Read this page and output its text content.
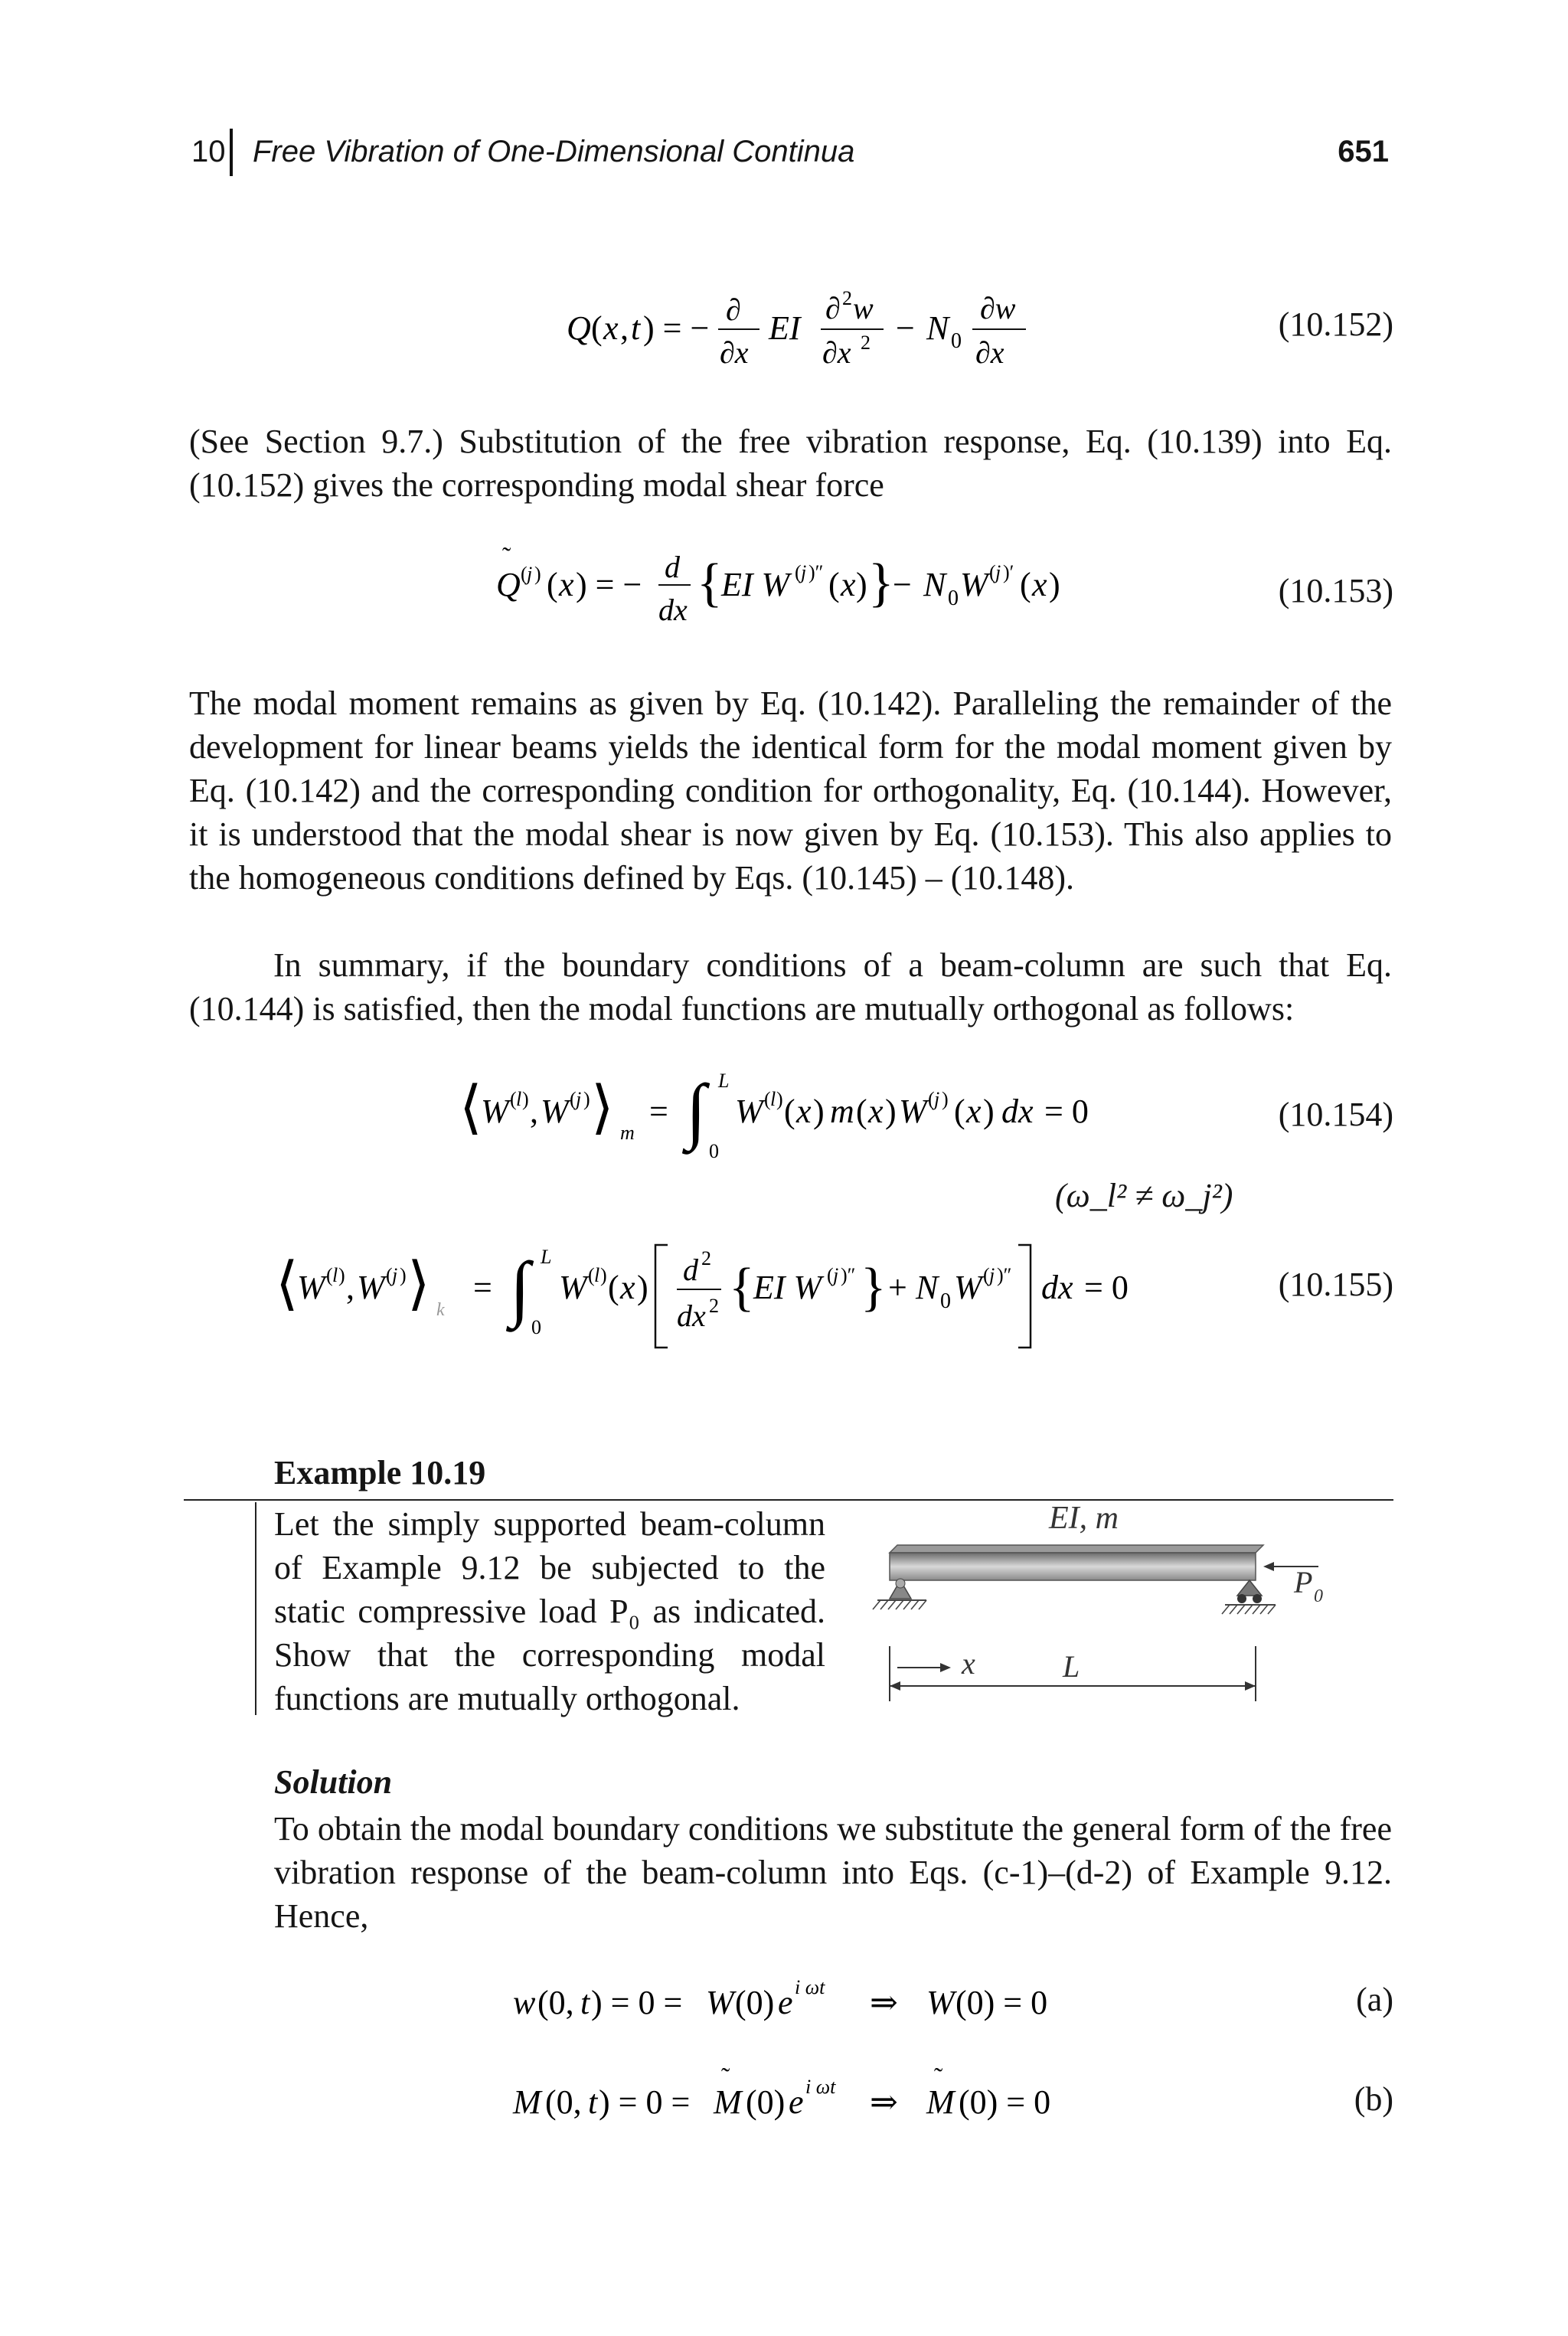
10 Free Vibration of One-Dimensional Continua	651
Q ( x , t ) = − ∂
∂x
EI
∂ 2 w
∂x 2 − N 0
∂w
∂x
(10.152)
(See Section 9.7.) Substitution of the free vibration response, Eq. (10.139) into Eq. (10.152) gives the corresponding modal shear force
Q
˜
( j ) ( x ) = − d
dx {
EI W ( j )″ ( x ) }
− N 0 W ( j )′ ( x )	(10.153)
The modal moment remains as given by Eq. (10.142). Paralleling the remainder of the development for linear beams yields the identical form for the modal moment given by Eq. (10.142) and the corresponding condition for orthogonality, Eq. (10.144). However, it is understood that the modal shear is now given by Eq. (10.153). This also applies to the homogeneous conditions defined by Eqs. (10.145) – (10.148).
In summary, if the boundary conditions of a beam-column are such that Eq. (10.144) is satisfied, then the modal functions are mutually orthogonal as follows:
⟨
W ( l ) , W ( j ) ⟩ m
= ∫ L
0
W ( l ) ( x ) m ( x ) W ( j ) ( x ) dx = 0	(10.154)
(ω_l² ≠ ω_j²)
⟨
W ( l ) , W ( j ) ⟩ k
= ∫ L
0
W ( l ) ( x ) d 2
dx 2 {
EI W ( j )″ } + N 0 W ( j )″ dx = 0	(10.155)
Example 10.19
Let the simply supported beam-column of Example 9.12 be subjected to the static compressive load P₀ as indicated. Show that the corresponding modal functions are mutually orthogonal.
EI, m
P 0
x	L
Solution
To obtain the modal boundary conditions we substitute the general form of the free vibration response of the beam-column into Eqs. (c-1)–(d-2) of Example 9.12. Hence,
w (0, t ) = 0 = W (0) e i ωt ⇒ W (0) = 0	(a)
M (0, t ) = 0 = M
˜
(0) e i ωt ⇒ M
˜
(0) = 0	(b)
